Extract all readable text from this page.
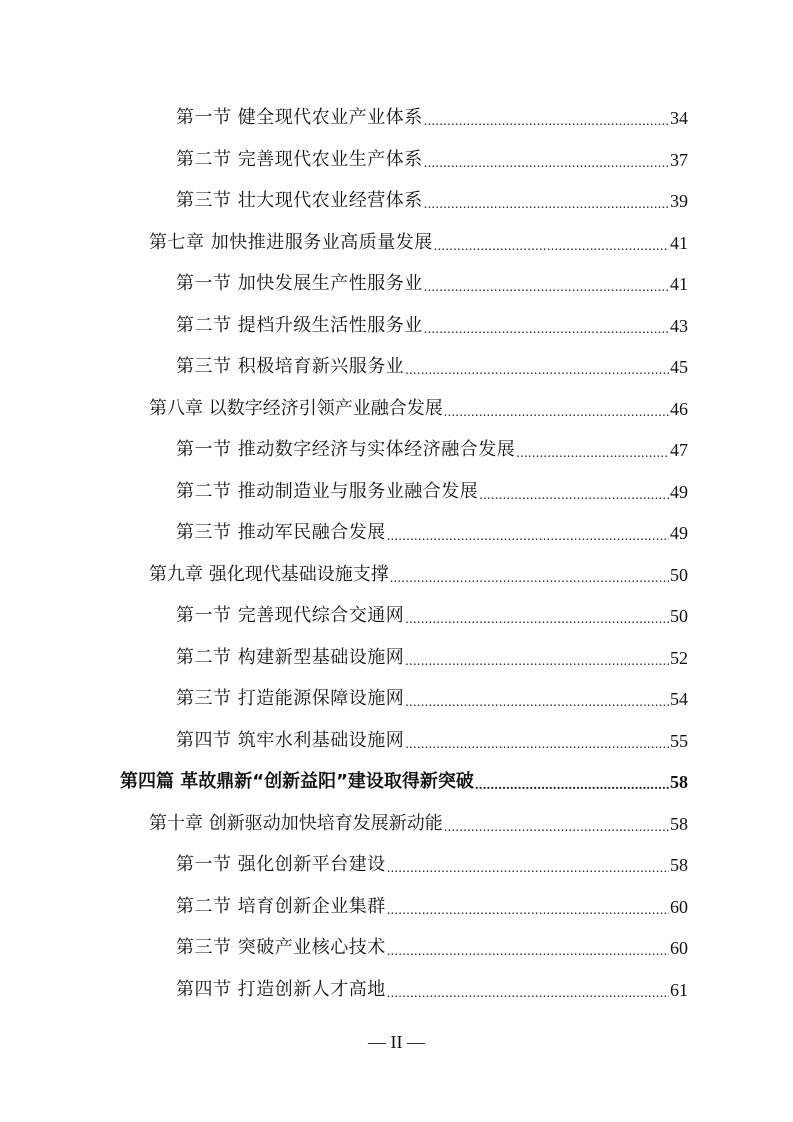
第一节 健全现代农业产业体系 .....	34
第二节 完善现代农业生产体系 .....	37
第三节 壮大现代农业经营体系 .....	39
第七章 加快推进服务业高质量发展 .....	41
第一节 加快发展生产性服务业 .....	41
第二节 提档升级生活性服务业 .....	43
第三节 积极培育新兴服务业 .....	45
第八章 以数字经济引领产业融合发展 .....	46
第一节 推动数字经济与实体经济融合发展 .....	47
第二节 推动制造业与服务业融合发展 .....	49
第三节 推动军民融合发展 .....	49
第九章 强化现代基础设施支撑 .....	50
第一节 完善现代综合交通网 .....	50
第二节 构建新型基础设施网 .....	52
第三节 打造能源保障设施网 .....	54
第四节 筑牢水利基础设施网 .....	55
第四篇 革故鼎新“创新益阳”建设取得新突破 .....	58
第十章 创新驱动加快培育发展新动能 .....	58
第一节 强化创新平台建设 .....	58
第二节 培育创新企业集群 .....	60
第三节 突破产业核心技术 .....	60
第四节 打造创新人才高地 .....	61
— II —
